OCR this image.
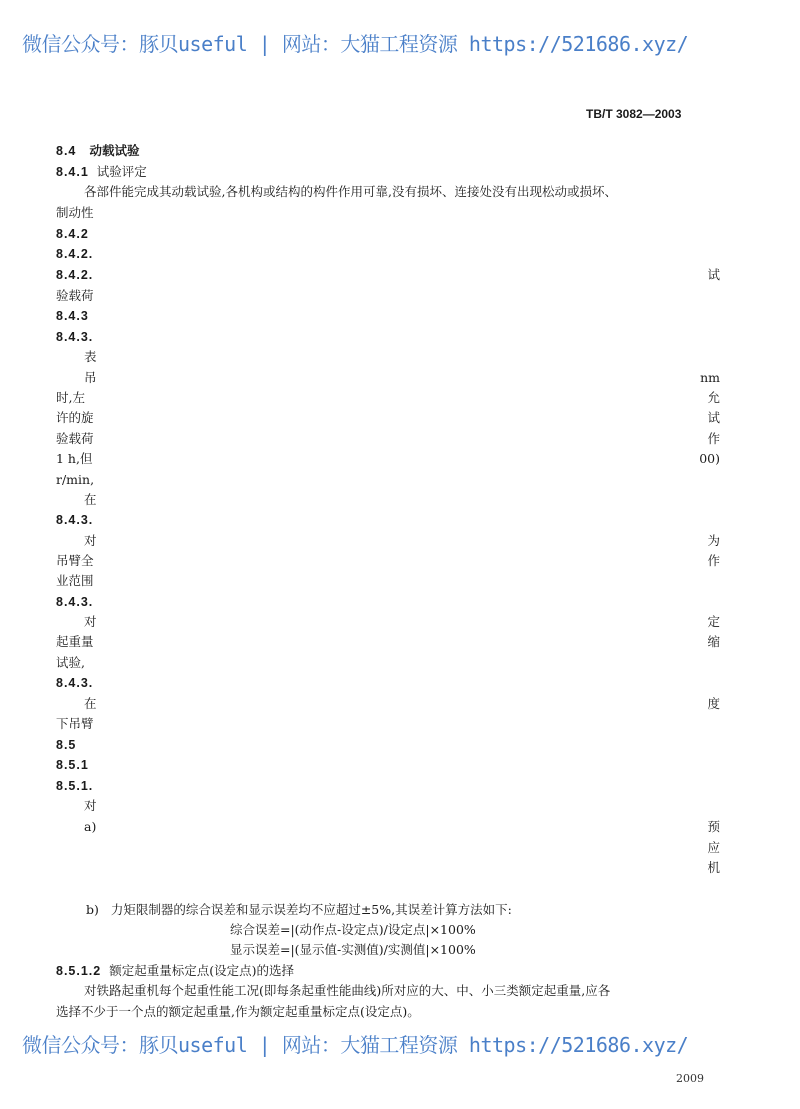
微信公众号：豚贝useful | 网站：大猫工程资源 https://521686.xyz/
TB/T 3082—2003
8.4 动载试验
8.4.1 试验评定
各部件能完成其动载试验,各机构或结构的构件作用可靠,没有损坏、连接处没有出现松动或损坏、
制动性
8.4.2
8.4.2.
8.4.2.
验载荷
8.4.3
8.4.3.
表
吊
时,左
许的旋
验载荷
1 h,但
r/min,
在
8.4.3.
对
吊臂全
业范围
8.4.3.
对
起重量
试验,
8.4.3.
在
下吊臂
8.5
8.5.1
8.5.1.
对
a)
试
nm
允
试
作
00)
为
作
定
缩
度
预
应
机
b) 力矩限制器的综合误差和显示误差均不应超过±5%,其误差计算方法如下:
综合误差=|(动作点-设定点)/设定点|×100%
显示误差=|(显示值-实测值)/实测值|×100%
8.5.1.2 额定起重量标定点(设定点)的选择
对铁路起重机每个起重性能工况(即每条起重性能曲线)所对应的大、中、小三类额定起重量,应各
选择不少于一个点的额定起重量,作为额定起重量标定点(设定点)。
微信公众号：豚贝useful | 网站：大猫工程资源 https://521686.xyz/
2009
